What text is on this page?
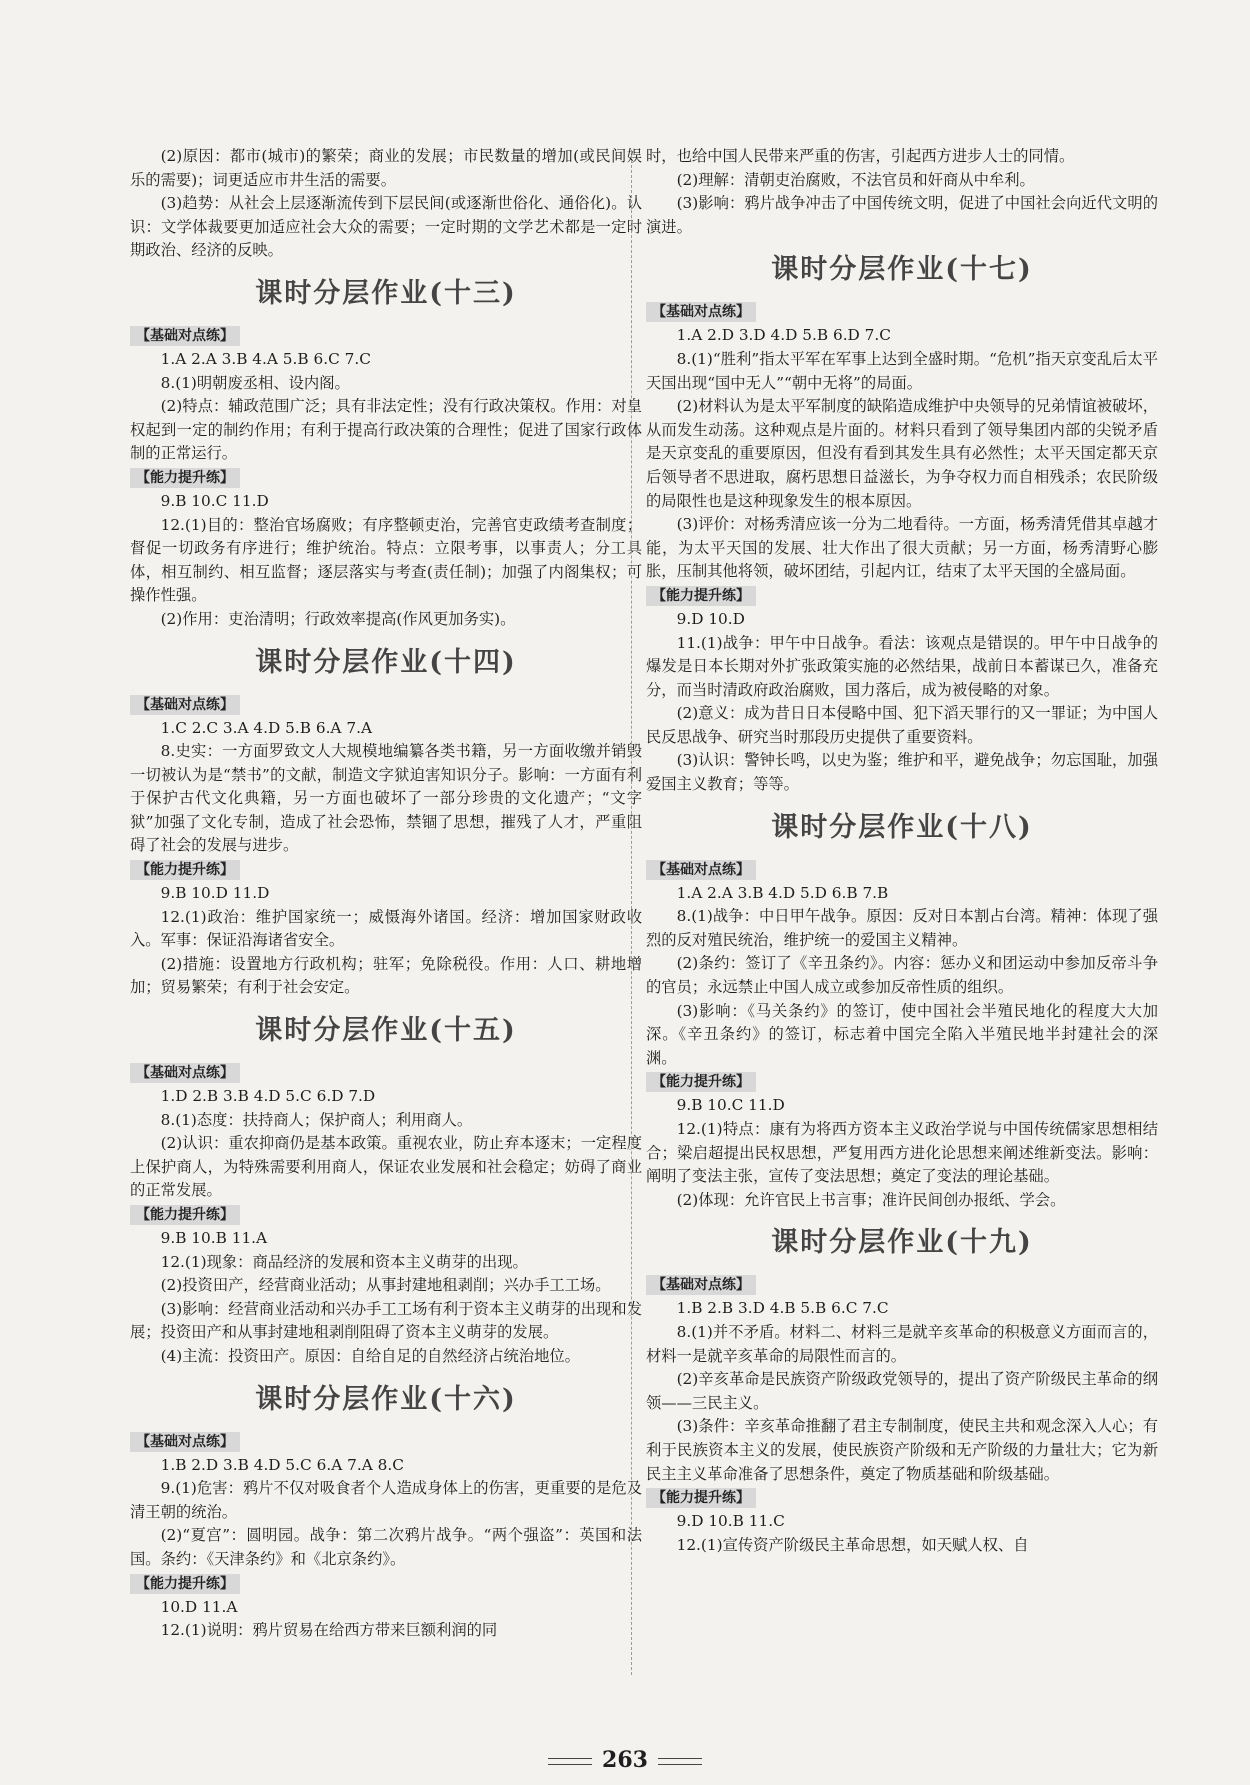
(2)原因：都市(城市)的繁荣；商业的发展；市民数量的增加(或民间娱乐的需要)；词更适应市井生活的需要。

(3)趋势：从社会上层逐渐流传到下层民间(或逐渐世俗化、通俗化)。认识：文学体裁要更加适应社会大众的需要；一定时期的文学艺术都是一定时期政治、经济的反映。

课时分层作业(十三)
【基础对点练】

1.A 2.A 3.B 4.A 5.B 6.C 7.C

8.(1)明朝废丞相、设内阁。

(2)特点：辅政范围广泛；具有非法定性；没有行政决策权。作用：对皇权起到一定的制约作用；有利于提高行政决策的合理性；促进了国家行政体制的正常运行。

【能力提升练】

9.B 10.C 11.D

12.(1)目的：整治官场腐败；有序整顿吏治，完善官吏政绩考查制度；督促一切政务有序进行；维护统治。特点：立限考事，以事责人；分工具体，相互制约、相互监督；逐层落实与考查(责任制)；加强了内阁集权；可操作性强。

(2)作用：吏治清明；行政效率提高(作风更加务实)。

课时分层作业(十四)
【基础对点练】

1.C 2.C 3.A 4.D 5.B 6.A 7.A

8.史实：一方面罗致文人大规模地编纂各类书籍，另一方面收缴并销毁一切被认为是“禁书”的文献，制造文字狱迫害知识分子。影响：一方面有利于保护古代文化典籍，另一方面也破坏了一部分珍贵的文化遗产；“文字狱”加强了文化专制，造成了社会恐怖，禁锢了思想，摧残了人才，严重阻碍了社会的发展与进步。

【能力提升练】

9.B 10.D 11.D

12.(1)政治：维护国家统一；威慑海外诸国。经济：增加国家财政收入。军事：保证沿海诸省安全。

(2)措施：设置地方行政机构；驻军；免除税役。作用：人口、耕地增加；贸易繁荣；有利于社会安定。

课时分层作业(十五)
【基础对点练】

1.D 2.B 3.B 4.D 5.C 6.D 7.D

8.(1)态度：扶持商人；保护商人；利用商人。

(2)认识：重农抑商仍是基本政策。重视农业，防止弃本逐末；一定程度上保护商人，为特殊需要利用商人，保证农业发展和社会稳定；妨碍了商业的正常发展。

【能力提升练】

9.B 10.B 11.A

12.(1)现象：商品经济的发展和资本主义萌芽的出现。

(2)投资田产，经营商业活动；从事封建地租剥削；兴办手工工场。

(3)影响：经营商业活动和兴办手工工场有利于资本主义萌芽的出现和发展；投资田产和从事封建地租剥削阻碍了资本主义萌芽的发展。

(4)主流：投资田产。原因：自给自足的自然经济占统治地位。

课时分层作业(十六)
【基础对点练】

1.B 2.D 3.B 4.D 5.C 6.A 7.A 8.C

9.(1)危害：鸦片不仅对吸食者个人造成身体上的伤害，更重要的是危及清王朝的统治。

(2)“夏宫”：圆明园。战争：第二次鸦片战争。“两个强盗”：英国和法国。条约：《天津条约》和《北京条约》。

【能力提升练】

10.D 11.A

12.(1)说明：鸦片贸易在给西方带来巨额利润的同

时，也给中国人民带来严重的伤害，引起西方进步人士的同情。

(2)理解：清朝吏治腐败，不法官员和奸商从中牟利。

(3)影响：鸦片战争冲击了中国传统文明，促进了中国社会向近代文明的演进。

课时分层作业(十七)
【基础对点练】

1.A 2.D 3.D 4.D 5.B 6.D 7.C

8.(1)“胜利”指太平军在军事上达到全盛时期。“危机”指天京变乱后太平天国出现“国中无人”“朝中无将”的局面。

(2)材料认为是太平军制度的缺陷造成维护中央领导的兄弟情谊被破坏，从而发生动荡。这种观点是片面的。材料只看到了领导集团内部的尖锐矛盾是天京变乱的重要原因，但没有看到其发生具有必然性；太平天国定都天京后领导者不思进取，腐朽思想日益滋长，为争夺权力而自相残杀；农民阶级的局限性也是这种现象发生的根本原因。

(3)评价：对杨秀清应该一分为二地看待。一方面，杨秀清凭借其卓越才能，为太平天国的发展、壮大作出了很大贡献；另一方面，杨秀清野心膨胀，压制其他将领，破坏团结，引起内讧，结束了太平天国的全盛局面。

【能力提升练】

9.D 10.D

11.(1)战争：甲午中日战争。看法：该观点是错误的。甲午中日战争的爆发是日本长期对外扩张政策实施的必然结果，战前日本蓄谋已久，准备充分，而当时清政府政治腐败，国力落后，成为被侵略的对象。

(2)意义：成为昔日日本侵略中国、犯下滔天罪行的又一罪证；为中国人民反思战争、研究当时那段历史提供了重要资料。

(3)认识：警钟长鸣，以史为鉴；维护和平，避免战争；勿忘国耻，加强爱国主义教育；等等。

课时分层作业(十八)
【基础对点练】

1.A 2.A 3.B 4.D 5.D 6.B 7.B

8.(1)战争：中日甲午战争。原因：反对日本割占台湾。精神：体现了强烈的反对殖民统治，维护统一的爱国主义精神。

(2)条约：签订了《辛丑条约》。内容：惩办义和团运动中参加反帝斗争的官员；永远禁止中国人成立或参加反帝性质的组织。

(3)影响：《马关条约》的签订，使中国社会半殖民地化的程度大大加深。《辛丑条约》的签订，标志着中国完全陷入半殖民地半封建社会的深渊。

【能力提升练】

9.B 10.C 11.D

12.(1)特点：康有为将西方资本主义政治学说与中国传统儒家思想相结合；梁启超提出民权思想，严复用西方进化论思想来阐述维新变法。影响：阐明了变法主张，宣传了变法思想；奠定了变法的理论基础。

(2)体现：允许官民上书言事；准许民间创办报纸、学会。

课时分层作业(十九)
【基础对点练】

1.B 2.B 3.D 4.B 5.B 6.C 7.C

8.(1)并不矛盾。材料二、材料三是就辛亥革命的积极意义方面而言的，材料一是就辛亥革命的局限性而言的。

(2)辛亥革命是民族资产阶级政党领导的，提出了资产阶级民主革命的纲领——三民主义。

(3)条件：辛亥革命推翻了君主专制制度，使民主共和观念深入人心；有利于民族资本主义的发展，使民族资产阶级和无产阶级的力量壮大；它为新民主主义革命准备了思想条件，奠定了物质基础和阶级基础。

【能力提升练】

9.D 10.B 11.C

12.(1)宣传资产阶级民主革命思想，如天赋人权、自

263
